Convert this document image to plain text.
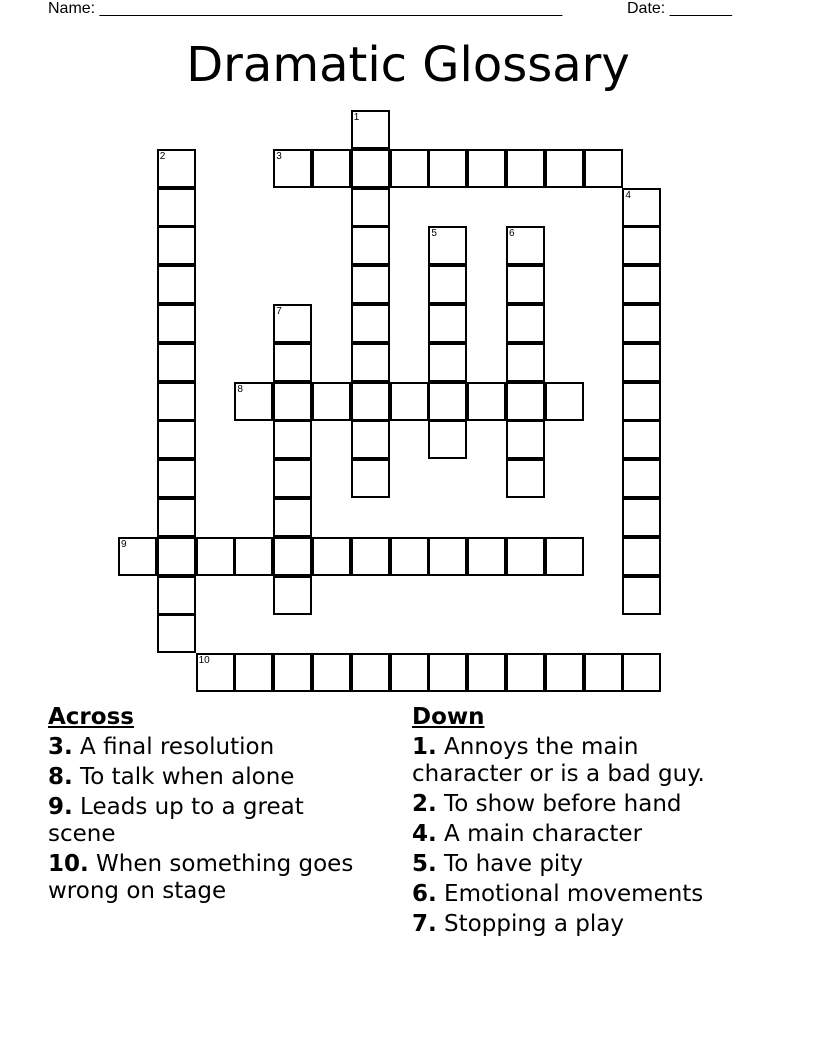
Name: ____________________________________________________	Date: _______
Dramatic Glossary
1
2	3
4
5	6
7
8
9
10
Across
3. A final resolution
8. To talk when alone
9. Leads up to a great scene
10. When something goes wrong on stage
Down
1. Annoys the main character or is a bad guy.
2. To show before hand
4. A main character
5. To have pity
6. Emotional movements
7. Stopping a play
